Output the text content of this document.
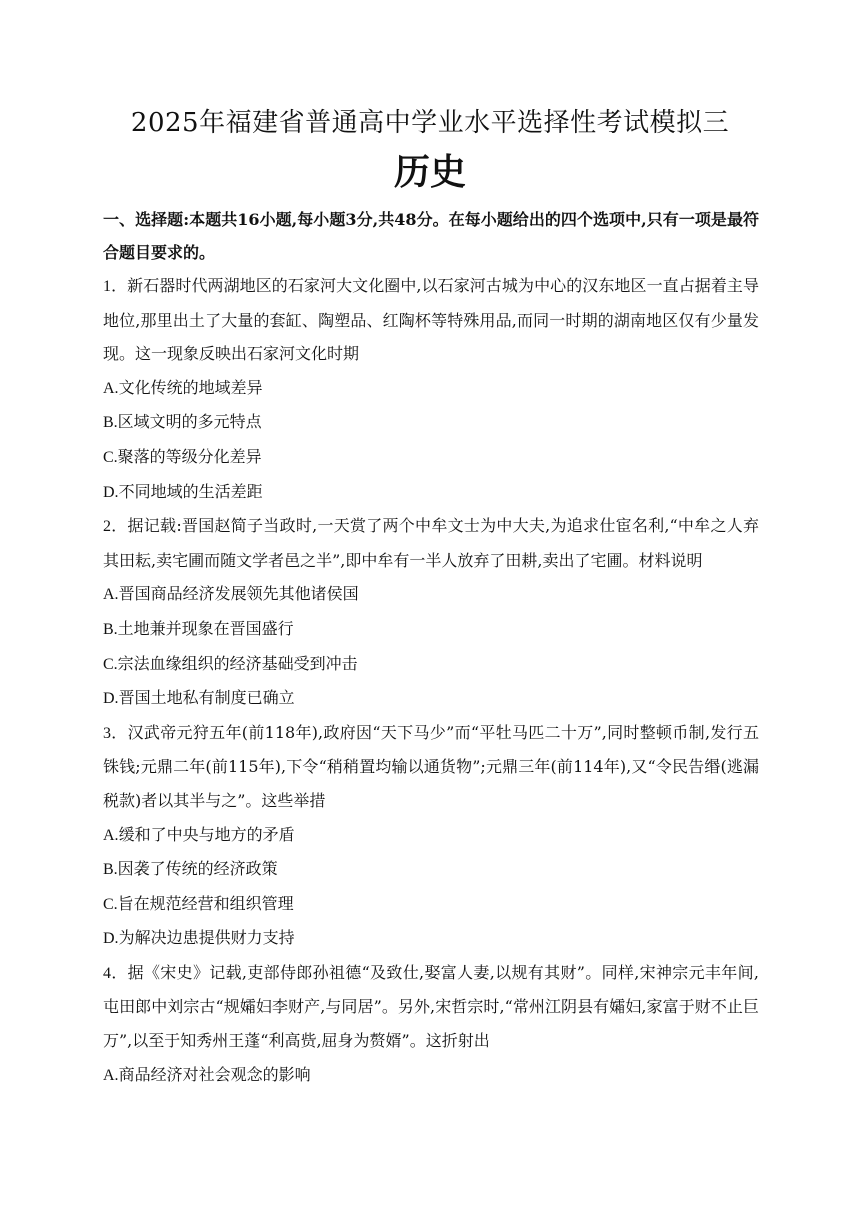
2025年福建省普通高中学业水平选择性考试模拟三
历史
一、选择题:本题共16小题,每小题3分,共48分。在每小题给出的四个选项中,只有一项是最符合题目要求的。
1．新石器时代两湖地区的石家河大文化圈中,以石家河古城为中心的汉东地区一直占据着主导地位,那里出土了大量的套缸、陶塑品、红陶杯等特殊用品,而同一时期的湖南地区仅有少量发现。这一现象反映出石家河文化时期
A.文化传统的地域差异
B.区域文明的多元特点
C.聚落的等级分化差异
D.不同地域的生活差距
2．据记载:晋国赵简子当政时,一天赏了两个中牟文士为中大夫,为追求仕宦名利,“中牟之人弃其田耘,卖宅圃而随文学者邑之半”,即中牟有一半人放弃了田耕,卖出了宅圃。材料说明
A.晋国商品经济发展领先其他诸侯国
B.土地兼并现象在晋国盛行
C.宗法血缘组织的经济基础受到冲击
D.晋国土地私有制度已确立
3．汉武帝元狩五年(前118年),政府因“天下马少”而“平牡马匹二十万”,同时整顿币制,发行五铢钱;元鼎二年(前115年),下令“稍稍置均输以通货物”;元鼎三年(前114年),又“令民告缗(逃漏税款)者以其半与之”。这些举措
A.缓和了中央与地方的矛盾
B.因袭了传统的经济政策
C.旨在规范经营和组织管理
D.为解决边患提供财力支持
4．据《宋史》记载,吏部侍郎孙祖德“及致仕,娶富人妻,以规有其财”。同样,宋神宗元丰年间,屯田郎中刘宗古“规孀妇李财产,与同居”。另外,宋哲宗时,“常州江阴县有孀妇,家富于财不止巨万”,以至于知秀州王蓬“利高赀,屈身为赘婿”。这折射出
A.商品经济对社会观念的影响
